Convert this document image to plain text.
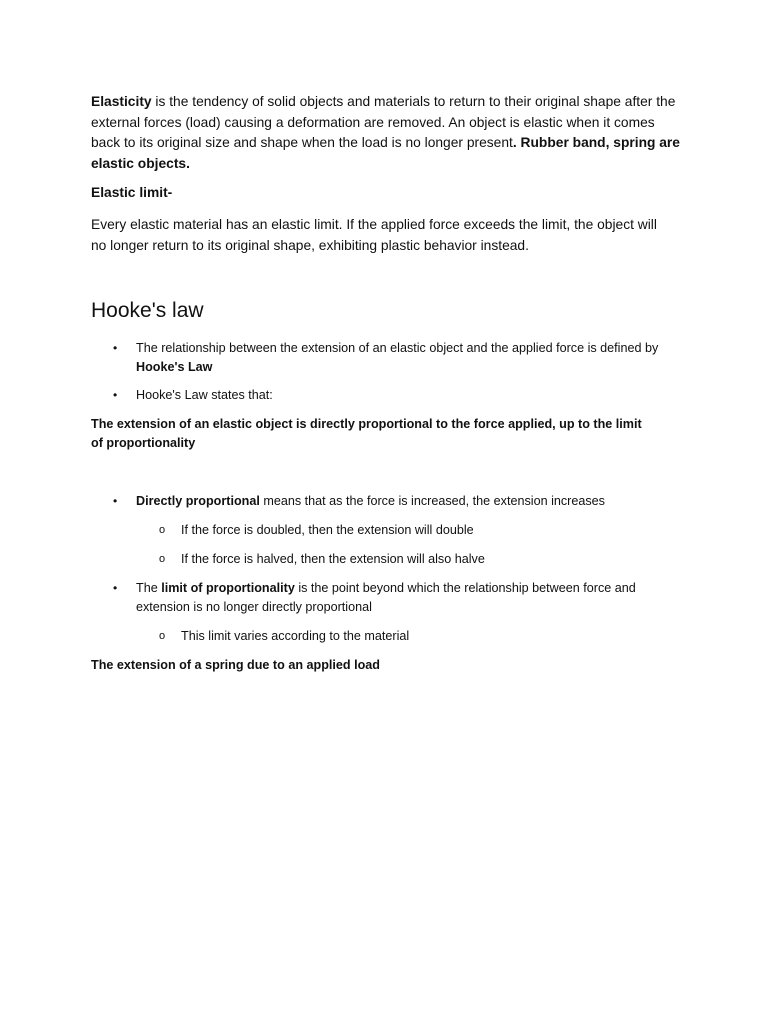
Elasticity is the tendency of solid objects and materials to return to their original shape after the external forces (load) causing a deformation are removed. An object is elastic when it comes back to its original size and shape when the load is no longer present. Rubber band, spring are elastic objects.

Elastic limit-

Every elastic material has an elastic limit. If the applied force exceeds the limit, the object will no longer return to its original shape, exhibiting plastic behavior instead.

Hooke's law
• The relationship between the extension of an elastic object and the applied force is defined by Hooke's Law

• Hooke's Law states that:

The extension of an elastic object is directly proportional to the force applied, up to the limit of proportionality

• Directly proportional means that as the force is increased, the extension increases

o If the force is doubled, then the extension will double

o If the force is halved, then the extension will also halve

• The limit of proportionality is the point beyond which the relationship between force and extension is no longer directly proportional

o This limit varies according to the material

The extension of a spring due to an applied load
